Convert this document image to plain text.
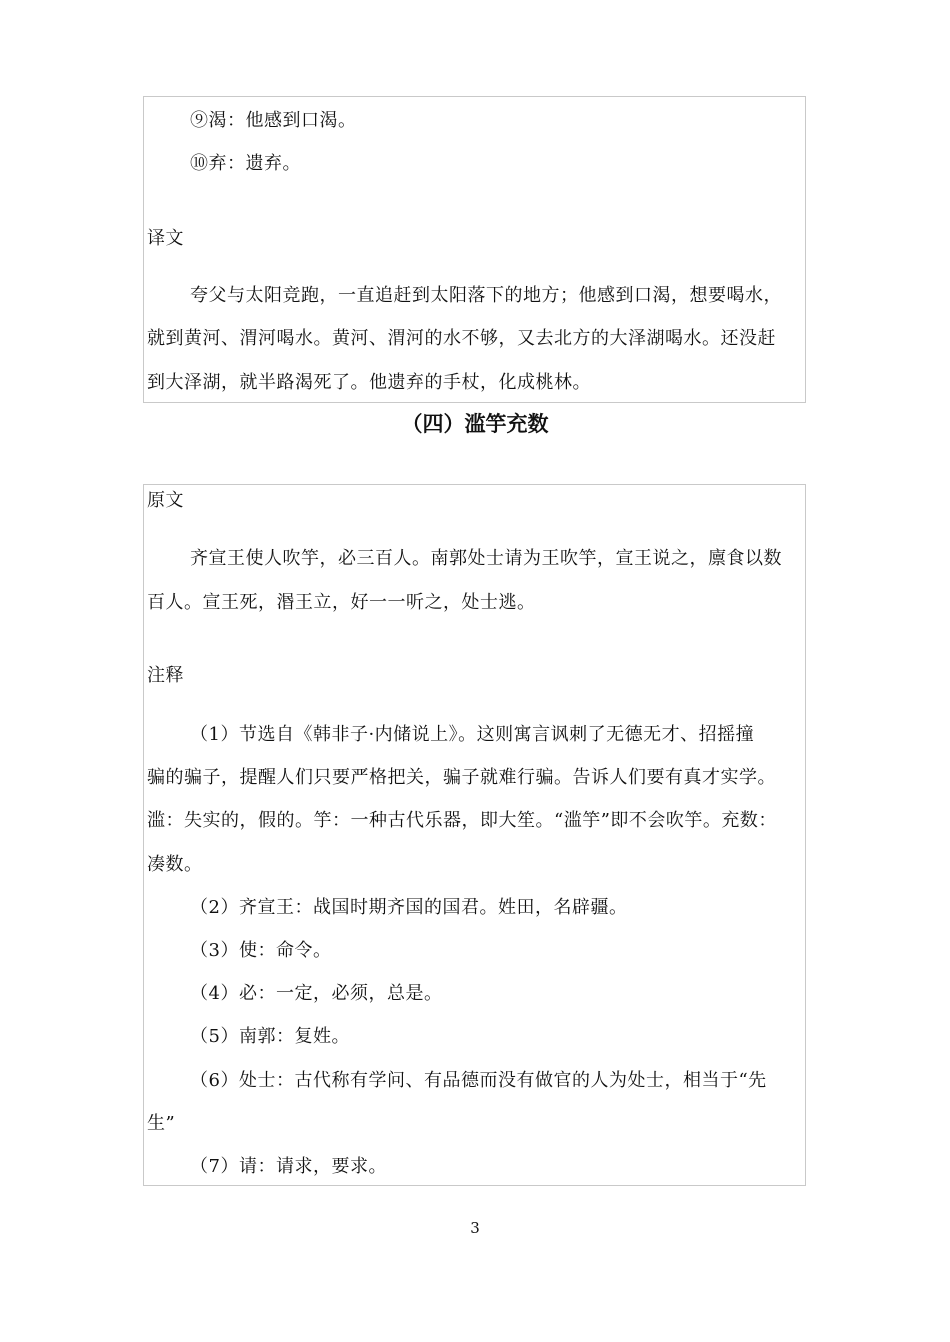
⑨渴：他感到口渴。
⑩弃：遗弃。
译文
夸父与太阳竞跑，一直追赶到太阳落下的地方；他感到口渴，想要喝水，
就到黄河、渭河喝水。黄河、渭河的水不够，又去北方的大泽湖喝水。还没赶
到大泽湖，就半路渴死了。他遗弃的手杖，化成桃林。
（四）滥竽充数
原文
齐宣王使人吹竽，必三百人。南郭处士请为王吹竽，宣王说之，廪食以数
百人。宣王死，湣王立，好一一听之，处士逃。
注释
（1）节选自《韩非子·内储说上》。这则寓言讽刺了无德无才、招摇撞
骗的骗子，提醒人们只要严格把关，骗子就难行骗。告诉人们要有真才实学。
滥：失实的，假的。竽：一种古代乐器，即大笙。“滥竽”即不会吹竽。充数：
凑数。
（2）齐宣王：战国时期齐国的国君。姓田，名辟疆。
（3）使：命令。
（4）必：一定，必须，总是。
（5）南郭：复姓。
（6）处士：古代称有学问、有品德而没有做官的人为处士，相当于“先
生”
（7）请：请求，要求。
3
